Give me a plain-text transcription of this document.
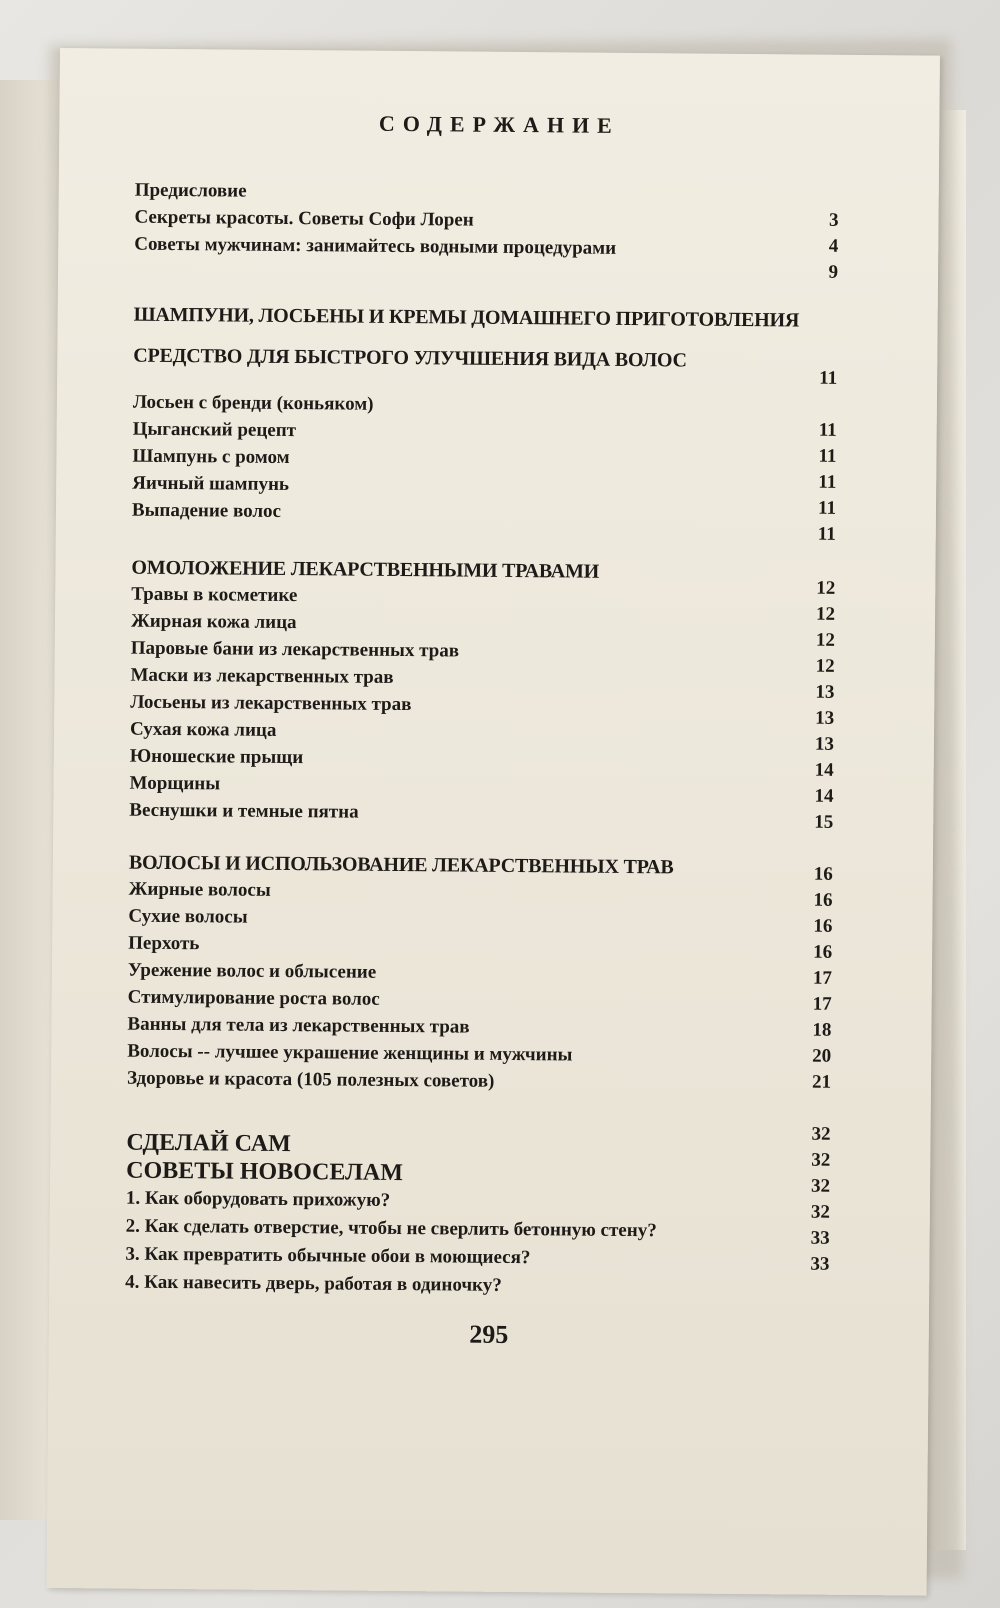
СОДЕРЖАНИЕ
Предисловие
Секреты красоты. Советы Софи Лорен
Советы мужчинам: занимайтесь водными процедурами
ШАМПУНИ, ЛОСЬЕНЫ И КРЕМЫ ДОМАШНЕГО ПРИГОТОВЛЕНИЯ
СРЕДСТВО ДЛЯ БЫСТРОГО УЛУЧШЕНИЯ ВИДА ВОЛОС
Лосьен с бренди (коньяком)
Цыганский рецепт
Шампунь с ромом
Яичный шампунь
Выпадение волос
ОМОЛОЖЕНИЕ ЛЕКАРСТВЕННЫМИ ТРАВАМИ
Травы в косметике
Жирная кожа лица
Паровые бани из лекарственных трав
Маски из лекарственных трав
Лосьены из лекарственных трав
Сухая кожа лица
Юношеские прыщи
Морщины
Веснушки и темные пятна
ВОЛОСЫ И ИСПОЛЬЗОВАНИЕ ЛЕКАРСТВЕННЫХ ТРАВ
Жирные волосы
Сухие волосы
Перхоть
Урежение волос и облысение
Стимулирование роста волос
Ванны для тела из лекарственных трав
Волосы -- лучшее украшение женщины и мужчины
Здоровье и красота (105 полезных советов)
СДЕЛАЙ САМ
СОВЕТЫ НОВОСЕЛАМ
1. Как оборудовать прихожую?
2. Как сделать отверстие, чтобы не сверлить бетонную стену?
3. Как превратить обычные обои в моющиеся?
4. Как навесить дверь, работая в одиночку?
3
4
9
11
11
11
11
11
11
12
12
12
12
13
13
13
14
14
15
16
16
16
16
17
17
18
20
21
32
32
32
32
33
33
295
